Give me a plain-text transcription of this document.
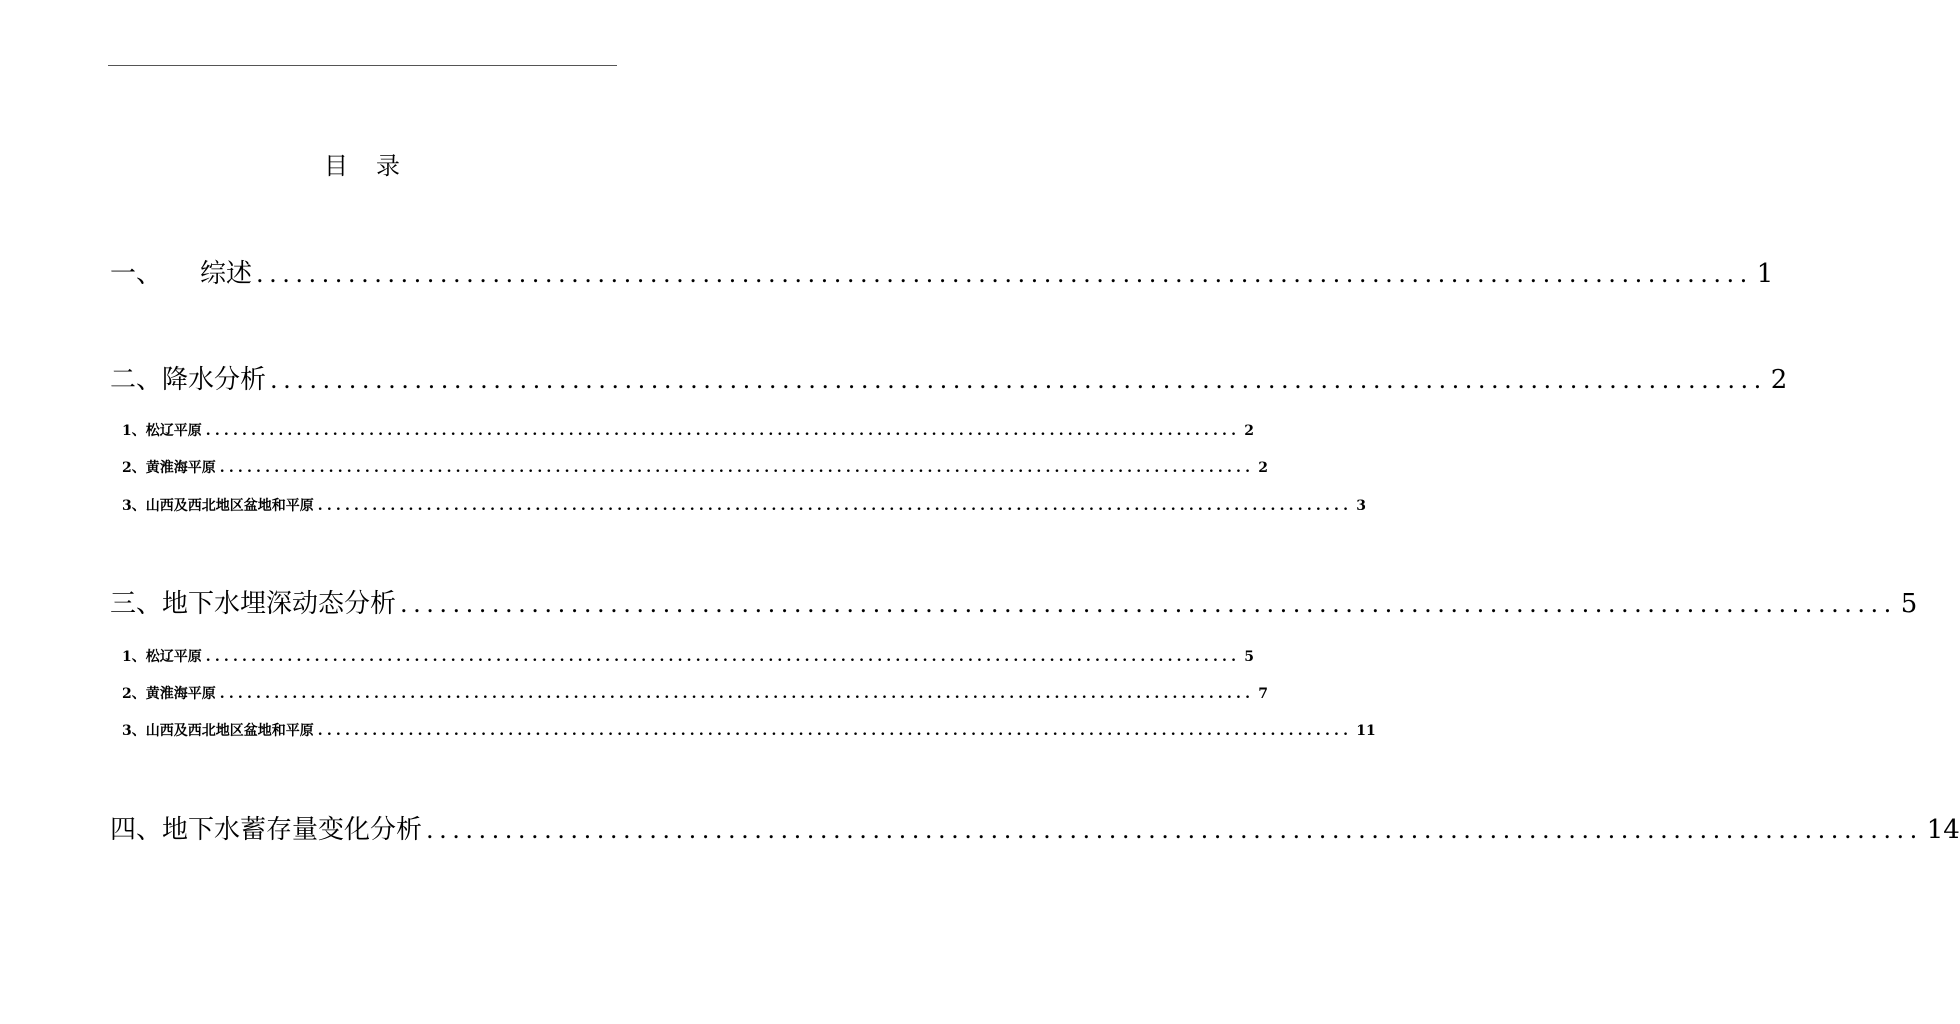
目 录
一、 综述 .................................................................................................................. 1
二、降水分析 .................................................................................................................. 2
1、松辽平原 .................................................................................................................. 2
2、黄淮海平原 .................................................................................................................. 2
3、山西及西北地区盆地和平原 .................................................................................................................. 3
三、地下水埋深动态分析 .................................................................................................................. 5
1、松辽平原 .................................................................................................................. 5
2、黄淮海平原 .................................................................................................................. 7
3、山西及西北地区盆地和平原 .................................................................................................................. 11
四、地下水蓄存量变化分析 .................................................................................................................. 14
